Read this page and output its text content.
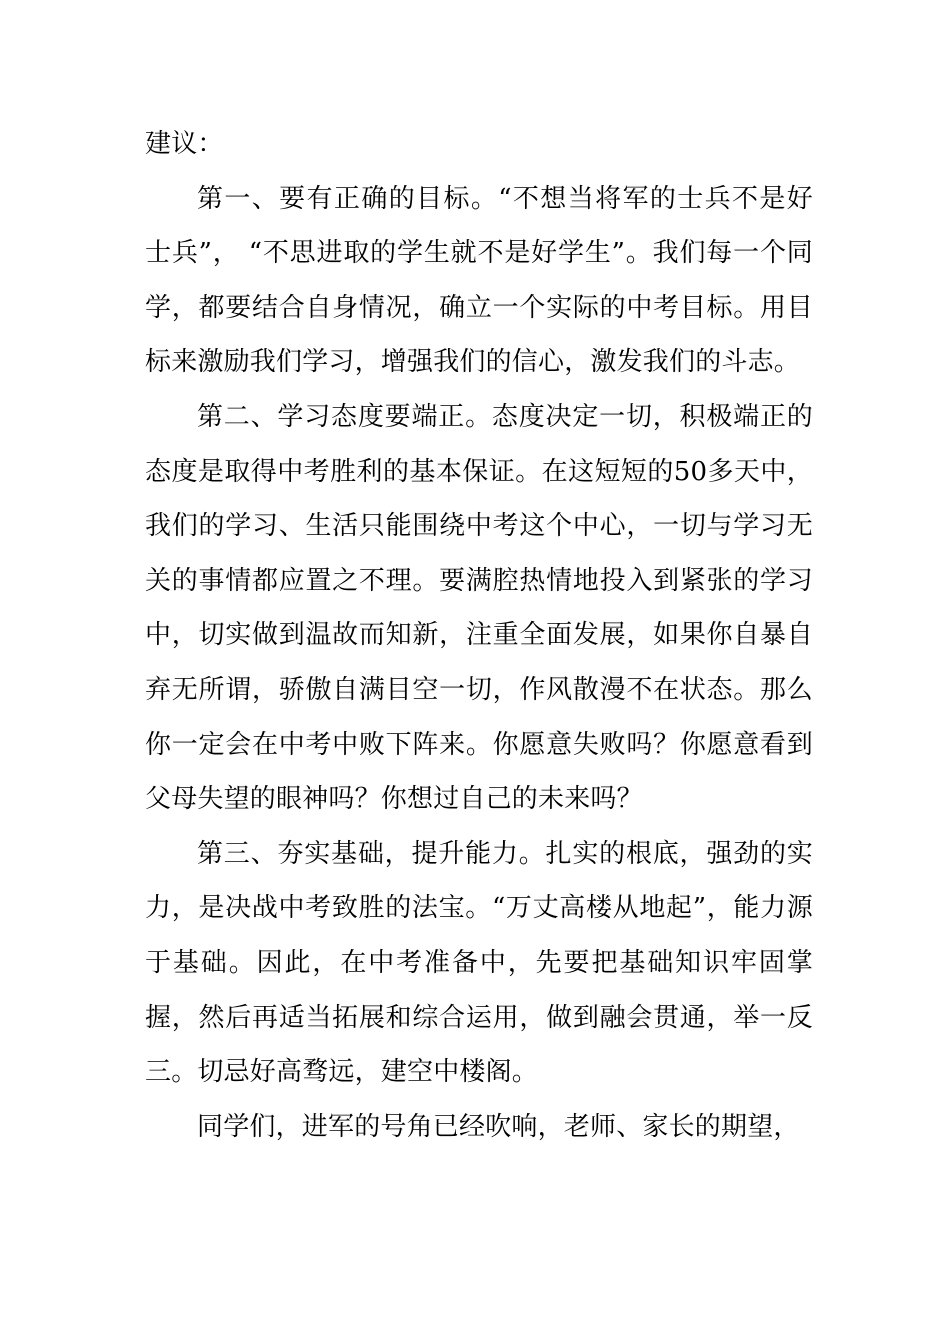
建议：

第一、要有正确的目标。“不想当将军的士兵不是好士兵”， “不思进取的学生就不是好学生”。我们每一个同学，都要结合自身情况，确立一个实际的中考目标。用目标来激励我们学习，增强我们的信心，激发我们的斗志。

第二、学习态度要端正。态度决定一切，积极端正的态度是取得中考胜利的基本保证。在这短短的50多天中，我们的学习、生活只能围绕中考这个中心，一切与学习无关的事情都应置之不理。要满腔热情地投入到紧张的学习中，切实做到温故而知新，注重全面发展，如果你自暴自弃无所谓，骄傲自满目空一切，作风散漫不在状态。那么你一定会在中考中败下阵来。你愿意失败吗？你愿意看到父母失望的眼神吗？你想过自己的未来吗？

第三、夯实基础，提升能力。扎实的根底，强劲的实力，是决战中考致胜的法宝。“万丈高楼从地起”，能力源于基础。因此，在中考准备中，先要把基础知识牢固掌握，然后再适当拓展和综合运用，做到融会贯通，举一反三。切忌好高骛远，建空中楼阁。

同学们，进军的号角已经吹响，老师、家长的期望，
